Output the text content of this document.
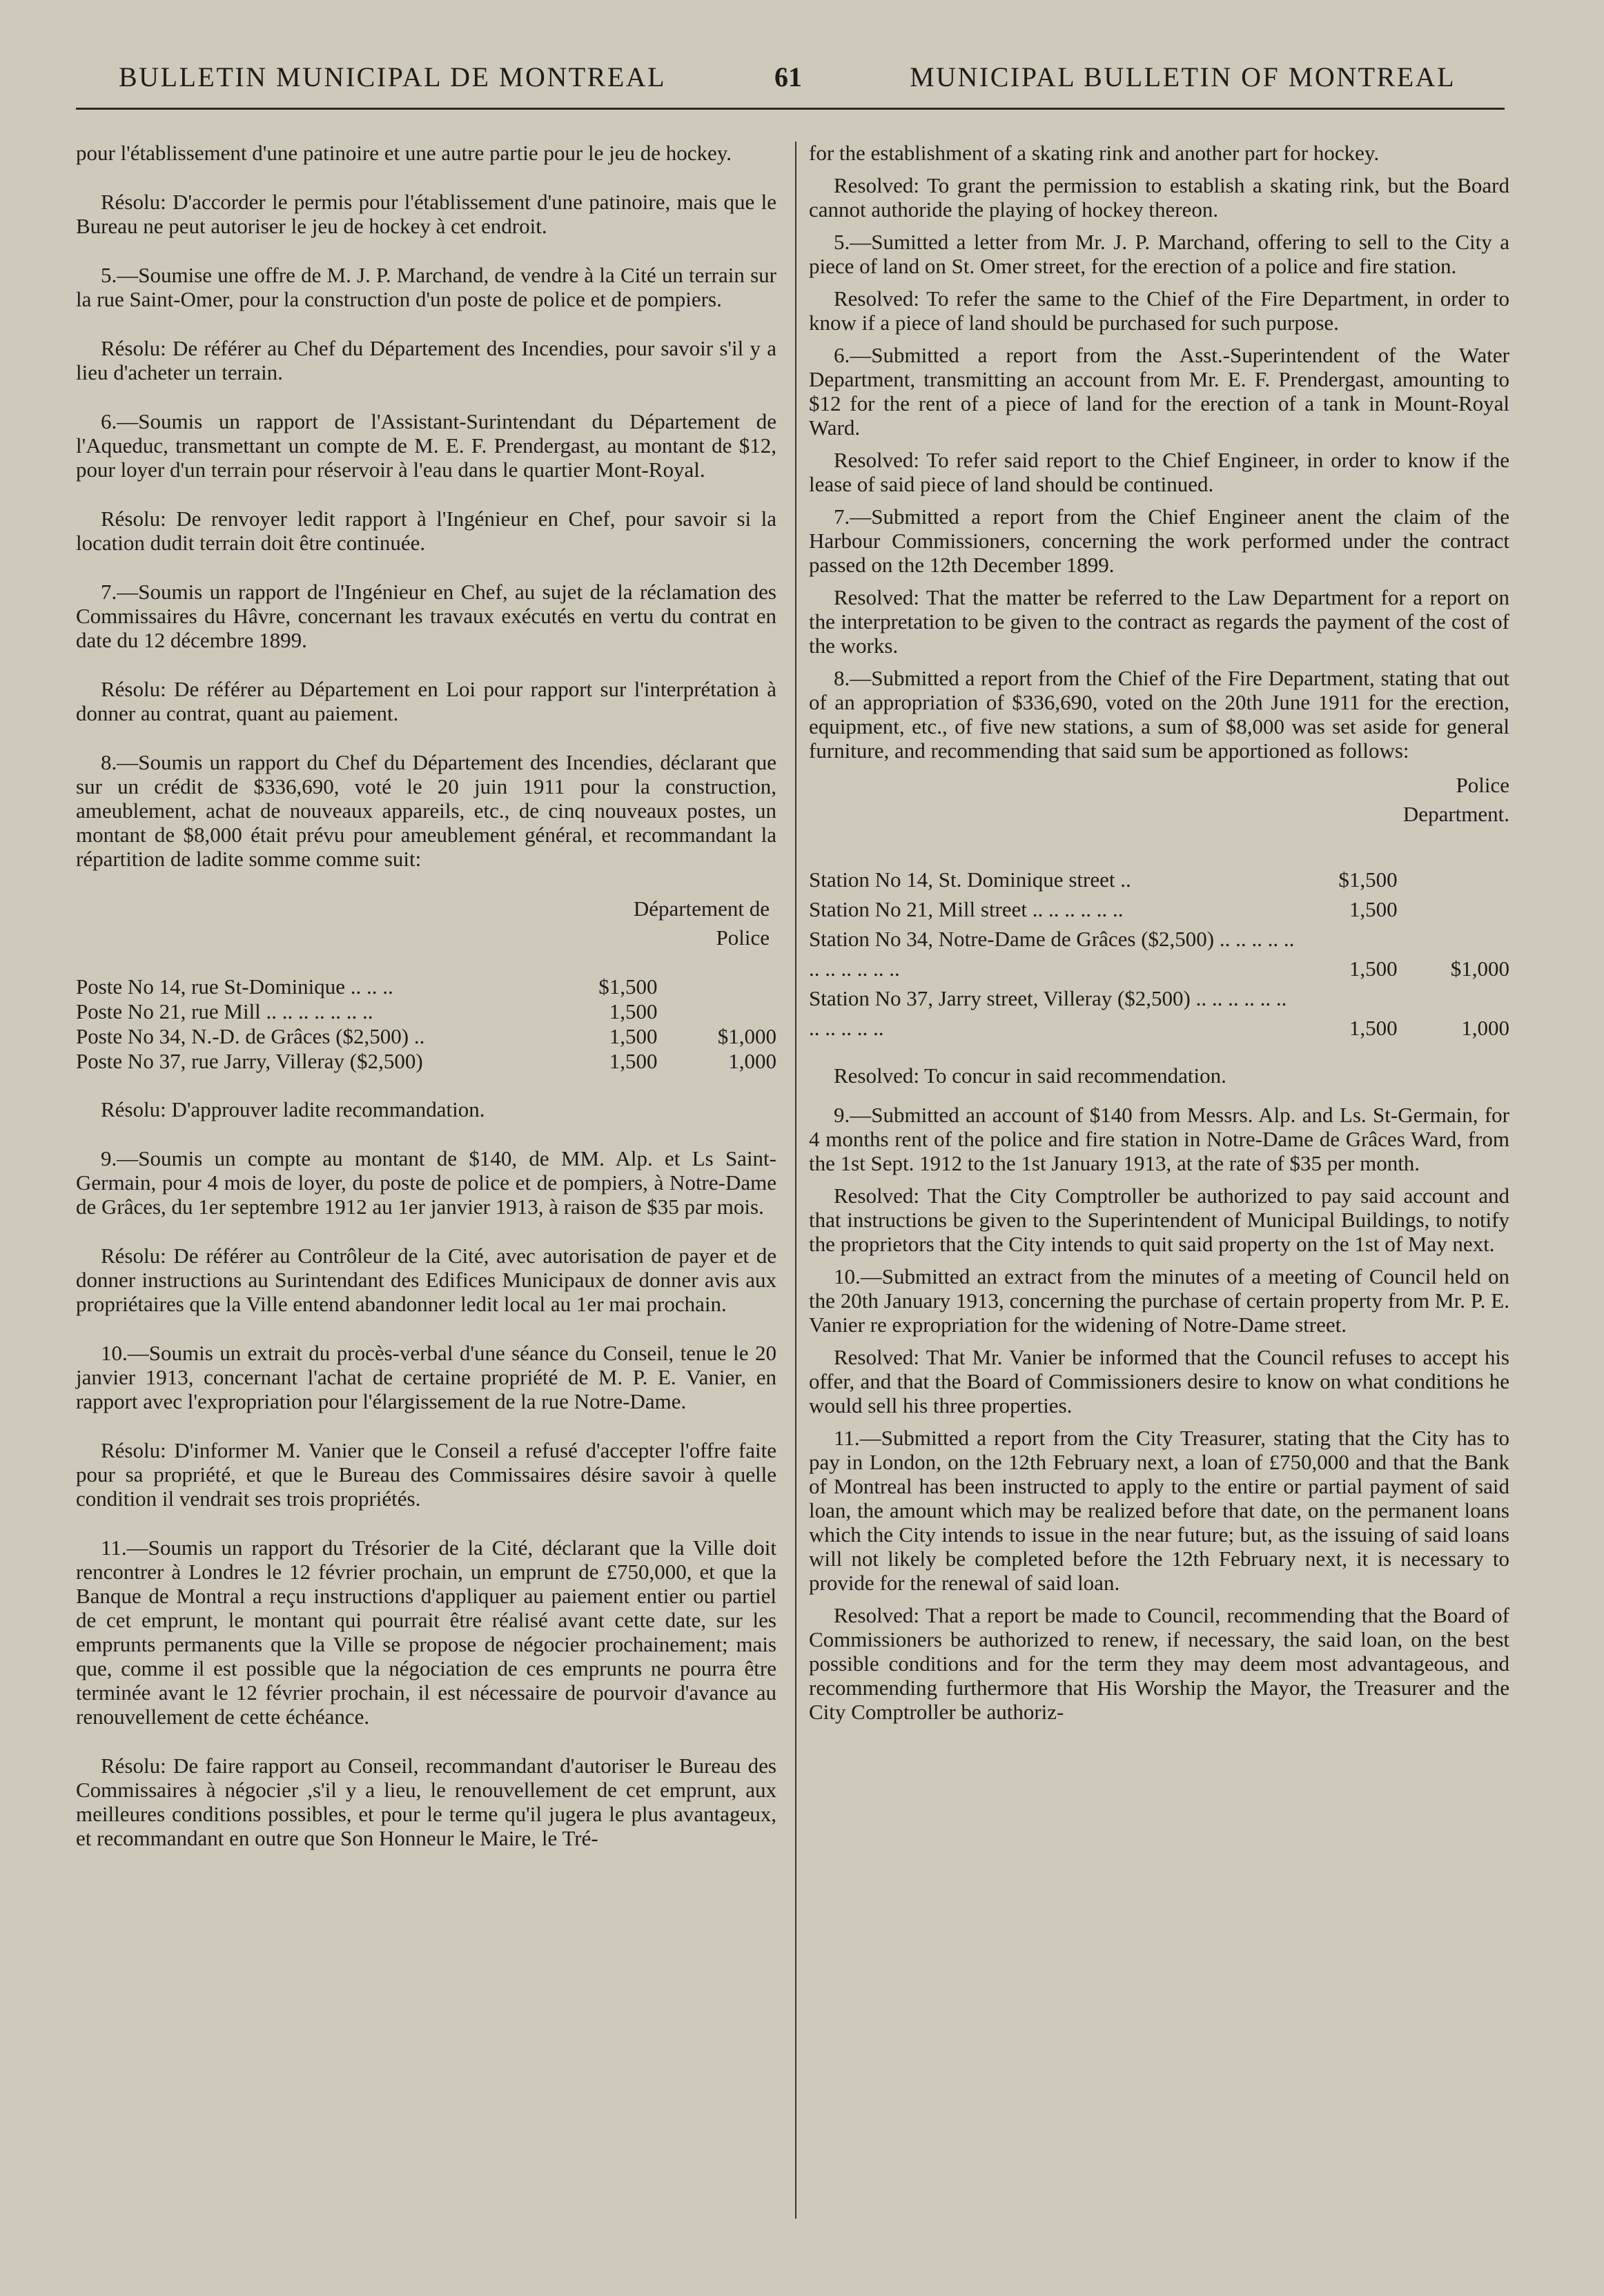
BULLETIN MUNICIPAL DE MONTREAL	61	MUNICIPAL BULLETIN OF MONTREAL

pour l'établissement d'une patinoire et une autre partie pour le jeu de hockey.

Résolu: D'accorder le permis pour l'établissement d'une patinoire, mais que le Bureau ne peut autoriser le jeu de hockey à cet endroit.

5.—Soumise une offre de M. J. P. Marchand, de vendre à la Cité un terrain sur la rue Saint-Omer, pour la construction d'un poste de police et de pompiers.

Résolu: De référer au Chef du Département des Incendies, pour savoir s'il y a lieu d'acheter un terrain.

6.—Soumis un rapport de l'Assistant-Surintendant du Département de l'Aqueduc, transmettant un compte de M. E. F. Prendergast, au montant de $12, pour loyer d'un terrain pour réservoir à l'eau dans le quartier Mont-Royal.

Résolu: De renvoyer ledit rapport à l'Ingénieur en Chef, pour savoir si la location dudit terrain doit être continuée.

7.—Soumis un rapport de l'Ingénieur en Chef, au sujet de la réclamation des Commissaires du Hâvre, concernant les travaux exécutés en vertu du contrat en date du 12 décembre 1899.

Résolu: De référer au Département en Loi pour rapport sur l'interprétation à donner au contrat, quant au paiement.

8.—Soumis un rapport du Chef du Département des Incendies, déclarant que sur un crédit de $336,690, voté le 20 juin 1911 pour la construction, ameublement, achat de nouveaux appareils, etc., de cinq nouveaux postes, un montant de $8,000 était prévu pour ameublement général, et recommandant la répartition de ladite somme comme suit:

Département de Police
Poste No 14, rue St-Dominique .. .. ..	$1,500	
Poste No 21, rue Mill .. .. .. .. .. .. ..	1,500	
Poste No 34, N.-D. de Grâces ($2,500) ..	1,500	$1,000
Poste No 37, rue Jarry, Villeray ($2,500)	1,500	1,000

Résolu: D'approuver ladite recommandation.

9.—Soumis un compte au montant de $140, de MM. Alp. et Ls Saint-Germain, pour 4 mois de loyer, du poste de police et de pompiers, à Notre-Dame de Grâces, du 1er septembre 1912 au 1er janvier 1913, à raison de $35 par mois.

Résolu: De référer au Contrôleur de la Cité, avec autorisation de payer et de donner instructions au Surintendant des Edifices Municipaux de donner avis aux propriétaires que la Ville entend abandonner ledit local au 1er mai prochain.

10.—Soumis un extrait du procès-verbal d'une séance du Conseil, tenue le 20 janvier 1913, concernant l'achat de certaine propriété de M. P. E. Vanier, en rapport avec l'expropriation pour l'élargissement de la rue Notre-Dame.

Résolu: D'informer M. Vanier que le Conseil a refusé d'accepter l'offre faite pour sa propriété, et que le Bureau des Commissaires désire savoir à quelle condition il vendrait ses trois propriétés.

11.—Soumis un rapport du Trésorier de la Cité, déclarant que la Ville doit rencontrer à Londres le 12 février prochain, un emprunt de £750,000, et que la Banque de Montral a reçu instructions d'appliquer au paiement entier ou partiel de cet emprunt, le montant qui pourrait être réalisé avant cette date, sur les emprunts permanents que la Ville se propose de négocier prochainement; mais que, comme il est possible que la négociation de ces emprunts ne pourra être terminée avant le 12 février prochain, il est nécessaire de pourvoir d'avance au renouvellement de cette échéance.

Résolu: De faire rapport au Conseil, recommandant d'autoriser le Bureau des Commissaires à négocier ,s'il y a lieu, le renouvellement de cet emprunt, aux meilleures conditions possibles, et pour le terme qu'il jugera le plus avantageux, et recommandant en outre que Son Honneur le Maire, le Tré-

for the establishment of a skating rink and another part for hockey.

Resolved: To grant the permission to establish a skating rink, but the Board cannot authoride the playing of hockey thereon.

5.—Sumitted a letter from Mr. J. P. Marchand, offering to sell to the City a piece of land on St. Omer street, for the erection of a police and fire station.

Resolved: To refer the same to the Chief of the Fire Department, in order to know if a piece of land should be purchased for such purpose.

6.—Submitted a report from the Asst.-Superintendent of the Water Department, transmitting an account from Mr. E. F. Prendergast, amounting to $12 for the rent of a piece of land for the erection of a tank in Mount-Royal Ward.

Resolved: To refer said report to the Chief Engineer, in order to know if the lease of said piece of land should be continued.

7.—Submitted a report from the Chief Engineer anent the claim of the Harbour Commissioners, concerning the work performed under the contract passed on the 12th December 1899.

Resolved: That the matter be referred to the Law Department for a report on the interpretation to be given to the contract as regards the payment of the cost of the works.

8.—Submitted a report from the Chief of the Fire Department, stating that out of an appropriation of $336,690, voted on the 20th June 1911 for the erection, equipment, etc., of five new stations, a sum of $8,000 was set aside for general furniture, and recommending that said sum be apportioned as follows:

Police Department.
Station No 14, St. Dominique street ..	$1,500	
Station No 21, Mill street .. .. .. .. .. ..	1,500	
Station No 34, Notre-Dame de Grâces ($2,500) .. .. .. .. .. .. .. .. .. .. ..	1,500	$1,000
Station No 37, Jarry street, Villeray ($2,500) .. .. .. .. .. .. .. .. .. .. ..	1,500	1,000

Resolved: To concur in said recommendation.

9.—Submitted an account of $140 from Messrs. Alp. and Ls. St-Germain, for 4 months rent of the police and fire station in Notre-Dame de Grâces Ward, from the 1st Sept. 1912 to the 1st January 1913, at the rate of $35 per month.

Resolved: That the City Comptroller be authorized to pay said account and that instructions be given to the Superintendent of Municipal Buildings, to notify the proprietors that the City intends to quit said property on the 1st of May next.

10.—Submitted an extract from the minutes of a meeting of Council held on the 20th January 1913, concerning the purchase of certain property from Mr. P. E. Vanier re expropriation for the widening of Notre-Dame street.

Resolved: That Mr. Vanier be informed that the Council refuses to accept his offer, and that the Board of Commissioners desire to know on what conditions he would sell his three properties.

11.—Submitted a report from the City Treasurer, stating that the City has to pay in London, on the 12th February next, a loan of £750,000 and that the Bank of Montreal has been instructed to apply to the entire or partial payment of said loan, the amount which may be realized before that date, on the permanent loans which the City intends to issue in the near future; but, as the issuing of said loans will not likely be completed before the 12th February next, it is necessary to provide for the renewal of said loan.

Resolved: That a report be made to Council, recommending that the Board of Commissioners be authorized to renew, if necessary, the said loan, on the best possible conditions and for the term they may deem most advantageous, and recommending furthermore that His Worship the Mayor, the Treasurer and the City Comptroller be authoriz-
